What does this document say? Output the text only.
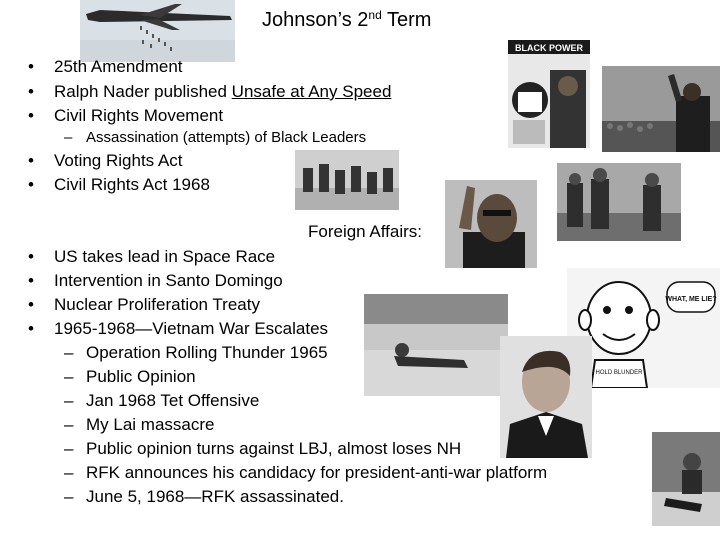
BLACK POWER
HOLD BLUNDER
WHAT, ME LIE?
Johnson’s 2nd Term
• 25th Amendment
• Ralph Nader published Unsafe at Any Speed
• Civil Rights Movement
– Assassination (attempts) of Black Leaders
• Voting Rights Act
• Civil Rights Act 1968
Foreign Affairs:
• US takes lead in Space Race
• Intervention in Santo Domingo
• Nuclear Proliferation Treaty
• 1965-1968—Vietnam War Escalates
– Operation Rolling Thunder 1965
– Public Opinion
– Jan 1968 Tet Offensive
– My Lai massacre
– Public opinion turns against LBJ, almost loses NH
– RFK announces his candidacy for president-anti-war platform
– June 5, 1968—RFK assassinated.
